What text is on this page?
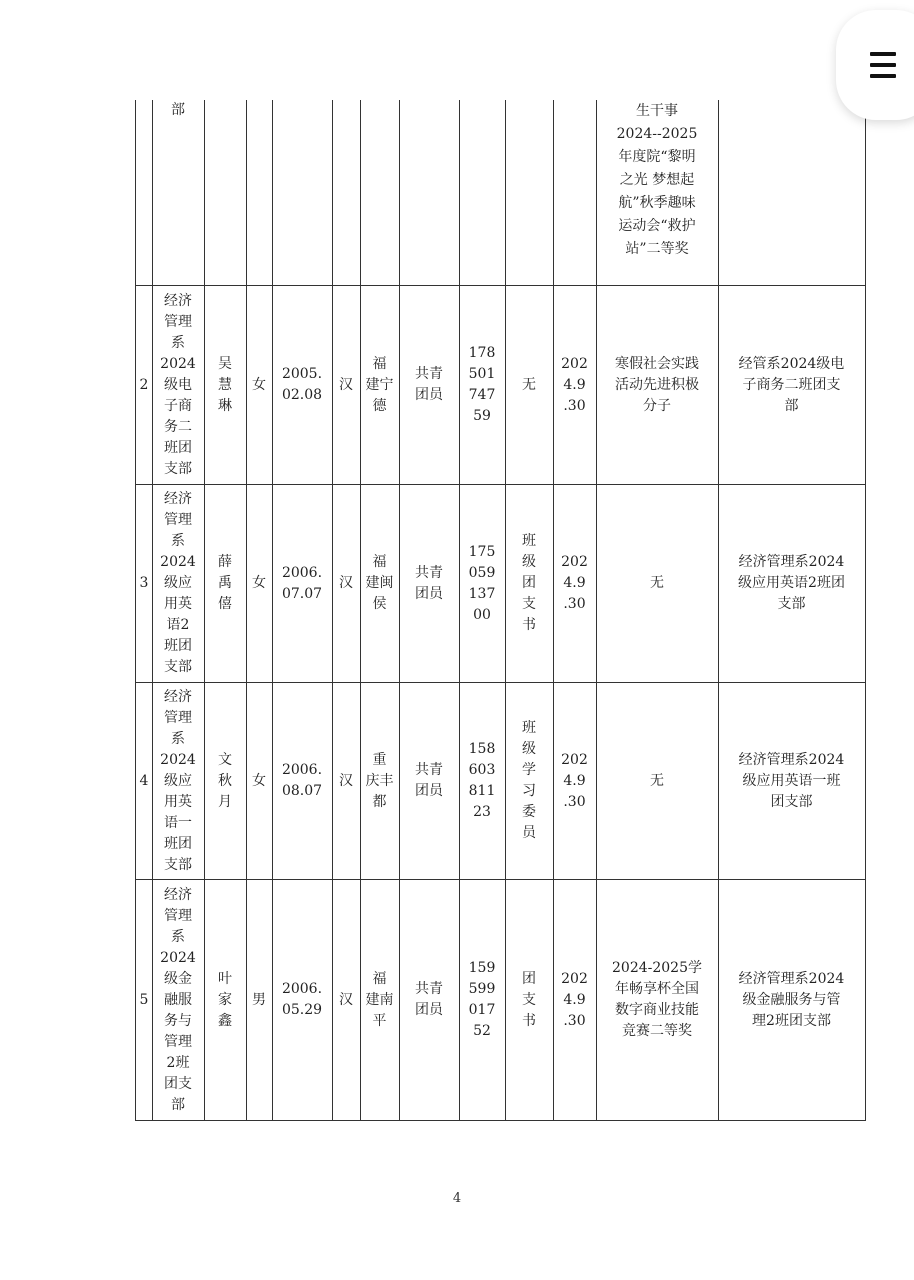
部	生干事
2024--2025
年度院“黎明
之光 梦想起
航”秋季趣味
运动会“救护
站”二等奖
2
经济
管理
系
2024
级电
子商
务二
班团
支部
吴
慧
琳
女
2005.
02.08
汉
福
建宁
德
共青
团员
178
501
747
59
无
202
4.9
.30
寒假社会实践
活动先进积极
分子
经管系2024级电
子商务二班团支
部
3
经济
管理
系
2024
级应
用英
语2
班团
支部
薛
禹
僖
女
2006.
07.07
汉
福
建闽
侯
共青
团员
175
059
137
00
班
级
团
支
书
202
4.9
.30
无
经济管理系2024
级应用英语2班团
支部
4
经济
管理
系
2024
级应
用英
语一
班团
支部
文
秋
月
女
2006.
08.07
汉
重
庆丰
都
共青
团员
158
603
811
23
班
级
学
习
委
员
202
4.9
.30
无
经济管理系2024
级应用英语一班
团支部
5
经济
管理
系
2024
级金
融服
务与
管理
2班
团支
部
叶
家
鑫
男
2006.
05.29
汉
福
建南
平
共青
团员
159
599
017
52
团
支
书
202
4.9
.30
2024-2025学
年畅享杯全国
数字商业技能
竞赛二等奖
经济管理系2024
级金融服务与管
理2班团支部
4
